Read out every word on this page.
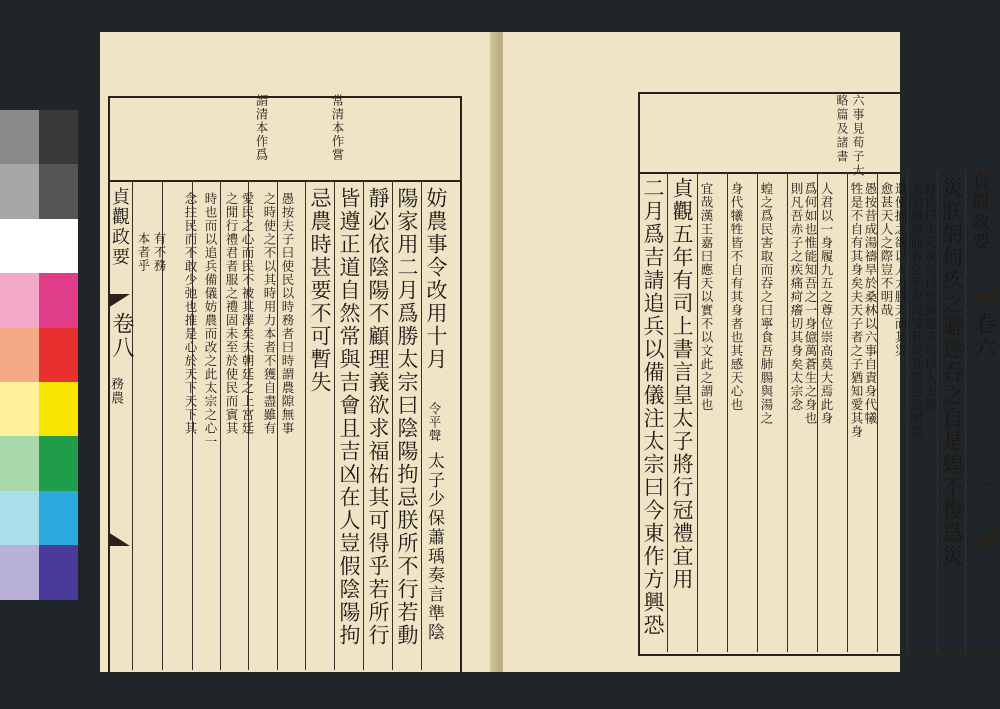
常清本作嘗
謂清本作爲
妨農事令改用十月
令平聲
太子少保蕭瑀奏言準陰
陽家用二月爲勝太宗曰陰陽拘忌朕所不行若動
靜必依陰陽不顧理義欲求福祐其可得乎若所行
皆遵正道自然常與吉會且吉凶在人豈假陰陽拘
忌農時甚要不可暫失
愚按夫子曰使民以時務者曰時謂農隙無事
之時使之不以其時用力本者不獲自盡雖有
愛民之心而民不被其澤矣夫朝廷之上宮廷
之閒行禮君者服之禮固未至於使民而賓其
時也而以追兵備儀妨農而改之此太宗之心一
念拄民而不敢少弛也推是心於天下天下其
有不務
本者乎
貞觀政要
卷八
務農
六事見荀子大
略篇及諸書
貞觀政要
卷六
二
災朕躬何疚之避遂吞之自是蝗不復爲災
貞觀五年有司上書言皇太子將行冠禮宜用
二月爲吉請追兵以備儀注太宗曰今東作方興恐	林氏曰夫天災可以至誠感不可以人力勝
太宗撥蝗而吞之不忍民受其災其害自息明皇
遣使捕之欲以人力勝天而其災
愈甚天人之際豈不明哉
愚按昔成湯禱旱於桑林以六事自責身代犧
牲是不自有其身矣夫天子者之子猶知愛其身
人君以一身履九五之尊位崇高莫大焉此身
爲何如也惟能知吾之一身億萬蒼生之身也
則凡吾赤子之疾痛疴癢切其身矣太宗念
蝗之爲民害取而吞之曰寧食吾肺腸與湯之
身代犧牲皆不自有其身者也其感天心也
宜哉漢王嘉曰應天以實不以文此之謂也
